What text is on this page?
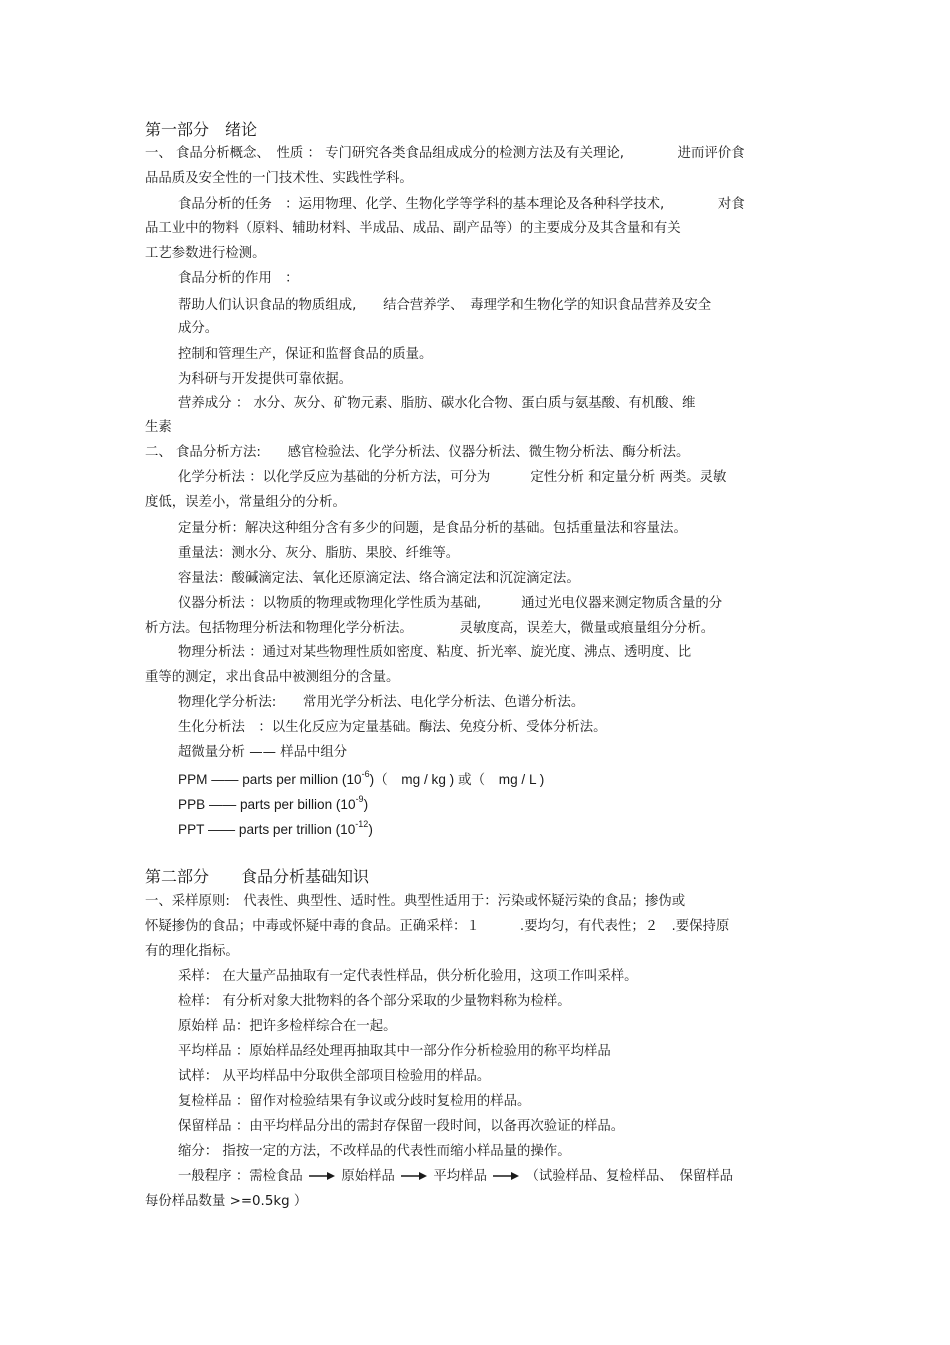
第一部分　绪论
一、 食品分析概念、　性质 ： 专门研究各类食品组成成分的检测方法及有关理论,　　　　进而评价食
品品质及安全性的一门技术性、实践性学科。
食品分析的任务　：运用物理、化学、生物化学等学科的基本理论及各种科学技术,　　　　对食
品工业中的物料（原料、辅助材料、半成品、成品、副产品等）的主要成分及其含量和有关
工艺参数进行检测。
食品分析的作用　：
帮助人们认识食品的物质组成,　　结合营养学、　毒理学和生物化学的知识食品营养及安全
成分。
控制和管理生产，保证和监督食品的质量。
为科研与开发提供可靠依据。
营养成分 ： 水分、灰分、矿物元素、脂肪、碳水化合物、蛋白质与氨基酸、有机酸、维
生素
二、 食品分析方法:　　感官检验法、化学分析法、仪器分析法、微生物分析法、酶分析法。
化学分析法 ：以化学反应为基础的分析方法，可分为　　　定性分析 和定量分析 两类。灵敏
度低，误差小，常量组分的分析。
定量分析：解决这种组分含有多少的问题，是食品分析的基础。包括重量法和容量法。
重量法：测水分、灰分、脂肪、果胶、纤维等。
容量法：酸碱滴定法、氧化还原滴定法、络合滴定法和沉淀滴定法。
仪器分析法 ：以物质的物理或物理化学性质为基础,　　　通过光电仪器来测定物质含量的分
析方法。包括物理分析法和物理化学分析法。　　　　灵敏度高，误差大，微量或痕量组分分析。
物理分析法 ：通过对某些物理性质如密度、粘度、折光率、旋光度、沸点、透明度、比
重等的测定，求出食品中被测组分的含量。
物理化学分析法:　　常用光学分析法、电化学分析法、色谱分析法。
生化分析法　：以生化反应为定量基础。酶法、免疫分析、受体分析法。
超微量分析 —— 样品中组分
PPM —— parts per million $(10^{-6})$（　mg / kg ) 或（　mg / L )
PPB —— parts per billion $(10^{-9})$
PPT —— parts per trillion $(10^{-12})$
第二部分　　食品分析基础知识
一、采样原则:　代表性、典型性、适时性。典型性适用于：污染或怀疑污染的食品；掺伪或
怀疑掺伪的食品；中毒或怀疑中毒的食品。正确采样：１　　　.要均匀，有代表性；２　.要保持原
有的理化指标。
采样： 在大量产品抽取有一定代表性样品，供分析化验用，这项工作叫采样。
检样： 有分析对象大批物料的各个部分采取的少量物料称为检样。
原始样 品：把许多检样综合在一起。
平均样品 ：原始样品经处理再抽取其中一部分作分析检验用的称平均样品
试样： 从平均样品中分取供全部项目检验用的样品。
复检样品 ：留作对检验结果有争议或分歧时复检用的样品。
保留样品 ：由平均样品分出的需封存保留一段时间，以备再次验证的样品。
缩分： 指按一定的方法，不改样品的代表性而缩小样品量的操作。
一般程序 ：需检食品	原始样品	平均样品	（试验样品、复检样品、　保留样品
每份样品数量 >=0.5kg ）
